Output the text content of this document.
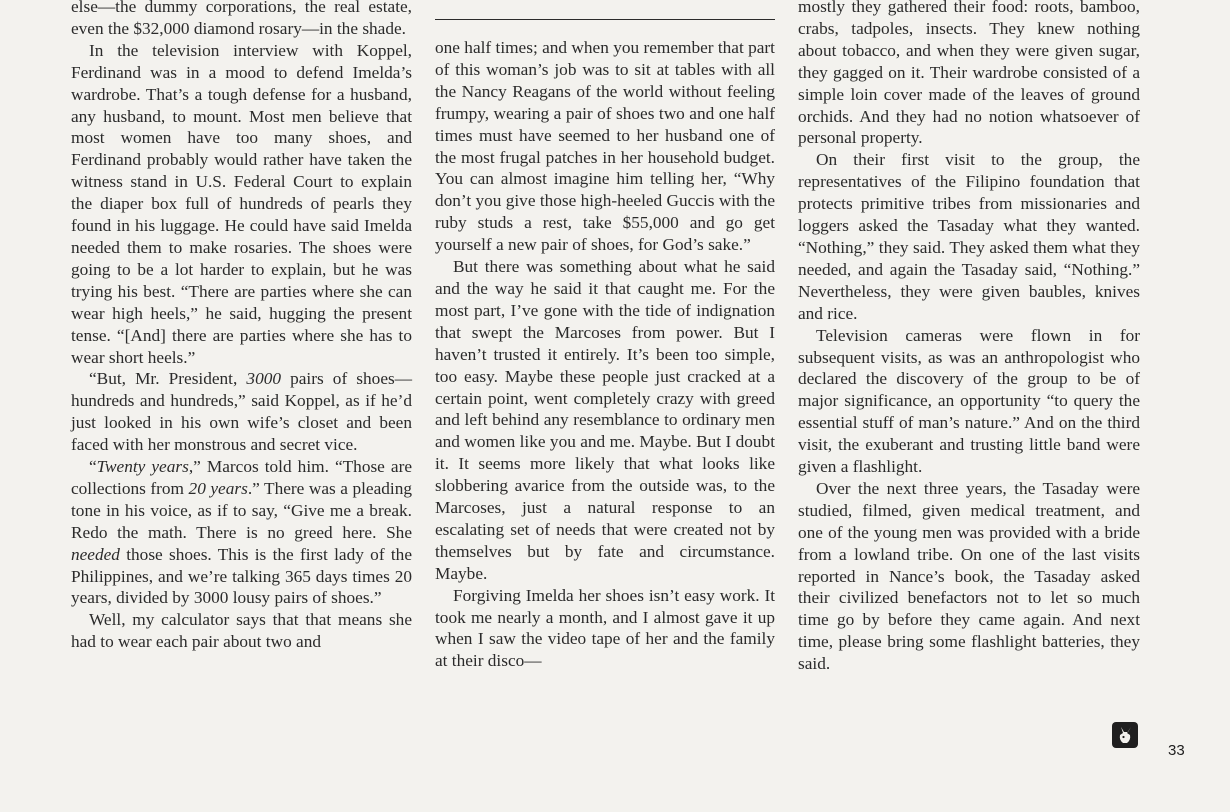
else—the dummy corporations, the real estate, even the $32,000 diamond rosary—in the shade.

In the television interview with Koppel, Ferdinand was in a mood to defend Imelda’s wardrobe. That’s a tough defense for a husband, any husband, to mount. Most men believe that most women have too many shoes, and Ferdinand probably would rather have taken the witness stand in U.S. Federal Court to explain the diaper box full of hundreds of pearls they found in his luggage. He could have said Imelda needed them to make rosaries. The shoes were going to be a lot harder to explain, but he was trying his best. “There are parties where she can wear high heels,” he said, hugging the present tense. “[And] there are parties where she has to wear short heels.”

“But, Mr. President, 3000 pairs of shoes—hundreds and hundreds,” said Koppel, as if he’d just looked in his own wife’s closet and been faced with her monstrous and secret vice.

“Twenty years,” Marcos told him. “Those are collections from 20 years.” There was a pleading tone in his voice, as if to say, “Give me a break. Redo the math. There is no greed here. She needed those shoes. This is the first lady of the Philippines, and we’re talking 365 days times 20 years, divided by 3000 lousy pairs of shoes.”

Well, my calculator says that that means she had to wear each pair about two and

one half times; and when you remember that part of this woman’s job was to sit at tables with all the Nancy Reagans of the world without feeling frumpy, wearing a pair of shoes two and one half times must have seemed to her husband one of the most frugal patches in her household budget. You can almost imagine him telling her, “Why don’t you give those high-heeled Guccis with the ruby studs a rest, take $55,000 and go get yourself a new pair of shoes, for God’s sake.”

But there was something about what he said and the way he said it that caught me. For the most part, I’ve gone with the tide of indignation that swept the Marcoses from power. But I haven’t trusted it entirely. It’s been too simple, too easy. Maybe these people just cracked at a certain point, went completely crazy with greed and left behind any resemblance to ordinary men and women like you and me. Maybe. But I doubt it. It seems more likely that what looks like slobbering avarice from the outside was, to the Marcoses, just a natural response to an escalating set of needs that were created not by themselves but by fate and circumstance. Maybe.

Forgiving Imelda her shoes isn’t easy work. It took me nearly a month, and I almost gave it up when I saw the video tape of her and the family at their disco—

mostly they gathered their food: roots, bamboo, crabs, tadpoles, insects. They knew nothing about tobacco, and when they were given sugar, they gagged on it. Their wardrobe consisted of a simple loin cover made of the leaves of ground orchids. And they had no notion whatsoever of personal property.

On their first visit to the group, the representatives of the Filipino foundation that protects primitive tribes from missionaries and loggers asked the Tasaday what they wanted. “Nothing,” they said. They asked them what they needed, and again the Tasaday said, “Nothing.” Nevertheless, they were given baubles, knives and rice.

Television cameras were flown in for subsequent visits, as was an anthropologist who declared the discovery of the group to be of major significance, an opportunity “to query the essential stuff of man’s nature.” And on the third visit, the exuberant and trusting little band were given a flashlight.

Over the next three years, the Tasaday were studied, filmed, given medical treatment, and one of the young men was provided with a bride from a lowland tribe. On one of the last visits reported in Nance’s book, the Tasaday asked their civilized benefactors not to let so much time go by before they came again. And next time, please bring some flashlight batteries, they said.

33
